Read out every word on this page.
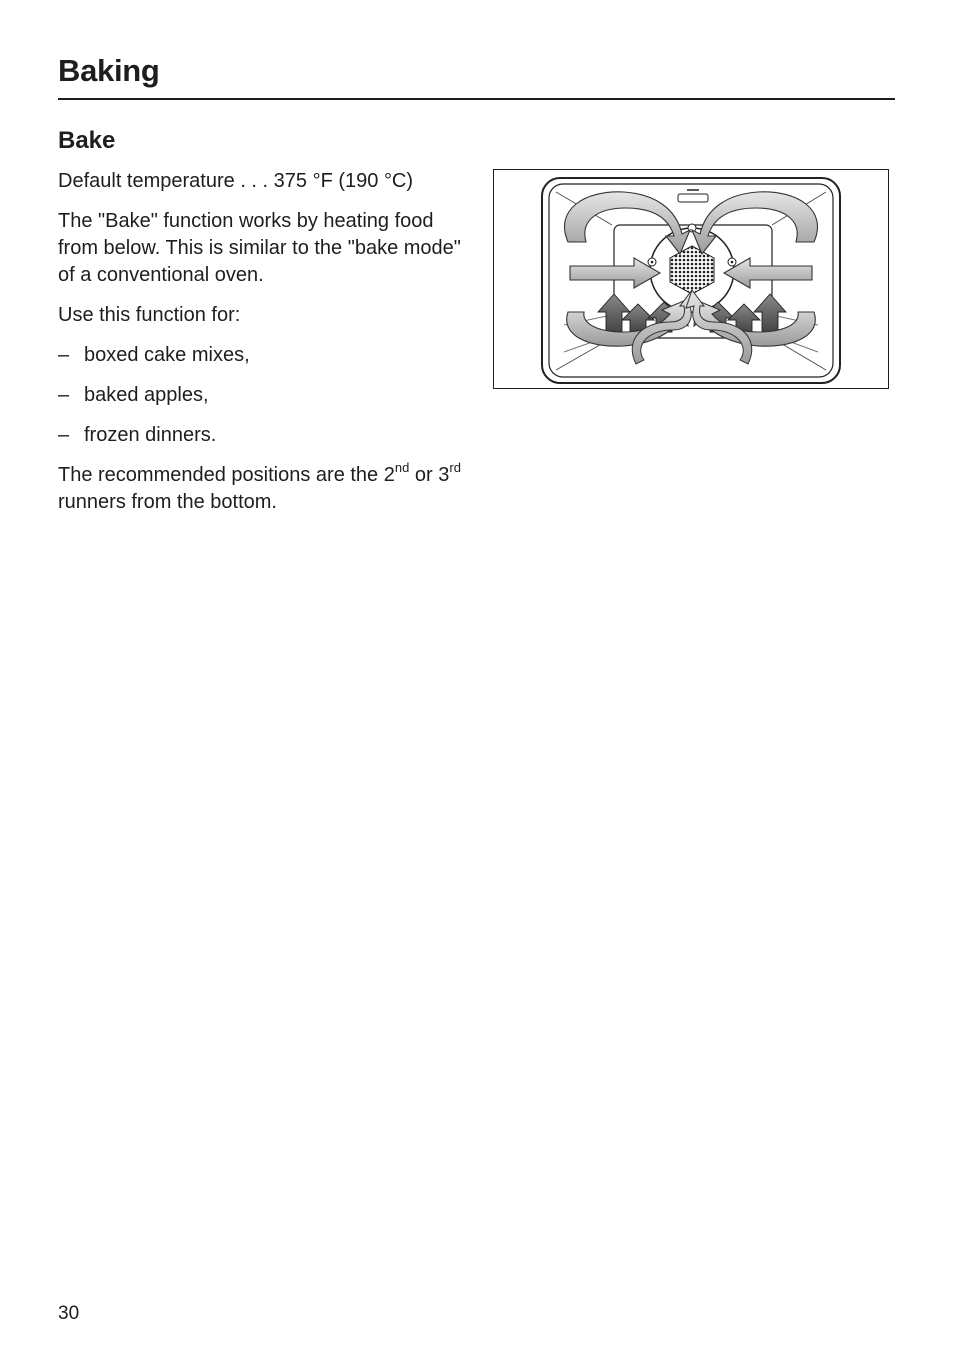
Baking
Bake

Default temperature . . . 375 °F (190 °C)

The "Bake" function works by heating food from below. This is similar to the "bake mode" of a conventional oven.

Use this function for:

– boxed cake mixes,
– baked apples,
– frozen dinners.

The recommended positions are the 2nd or 3rd runners from the bottom.

30
